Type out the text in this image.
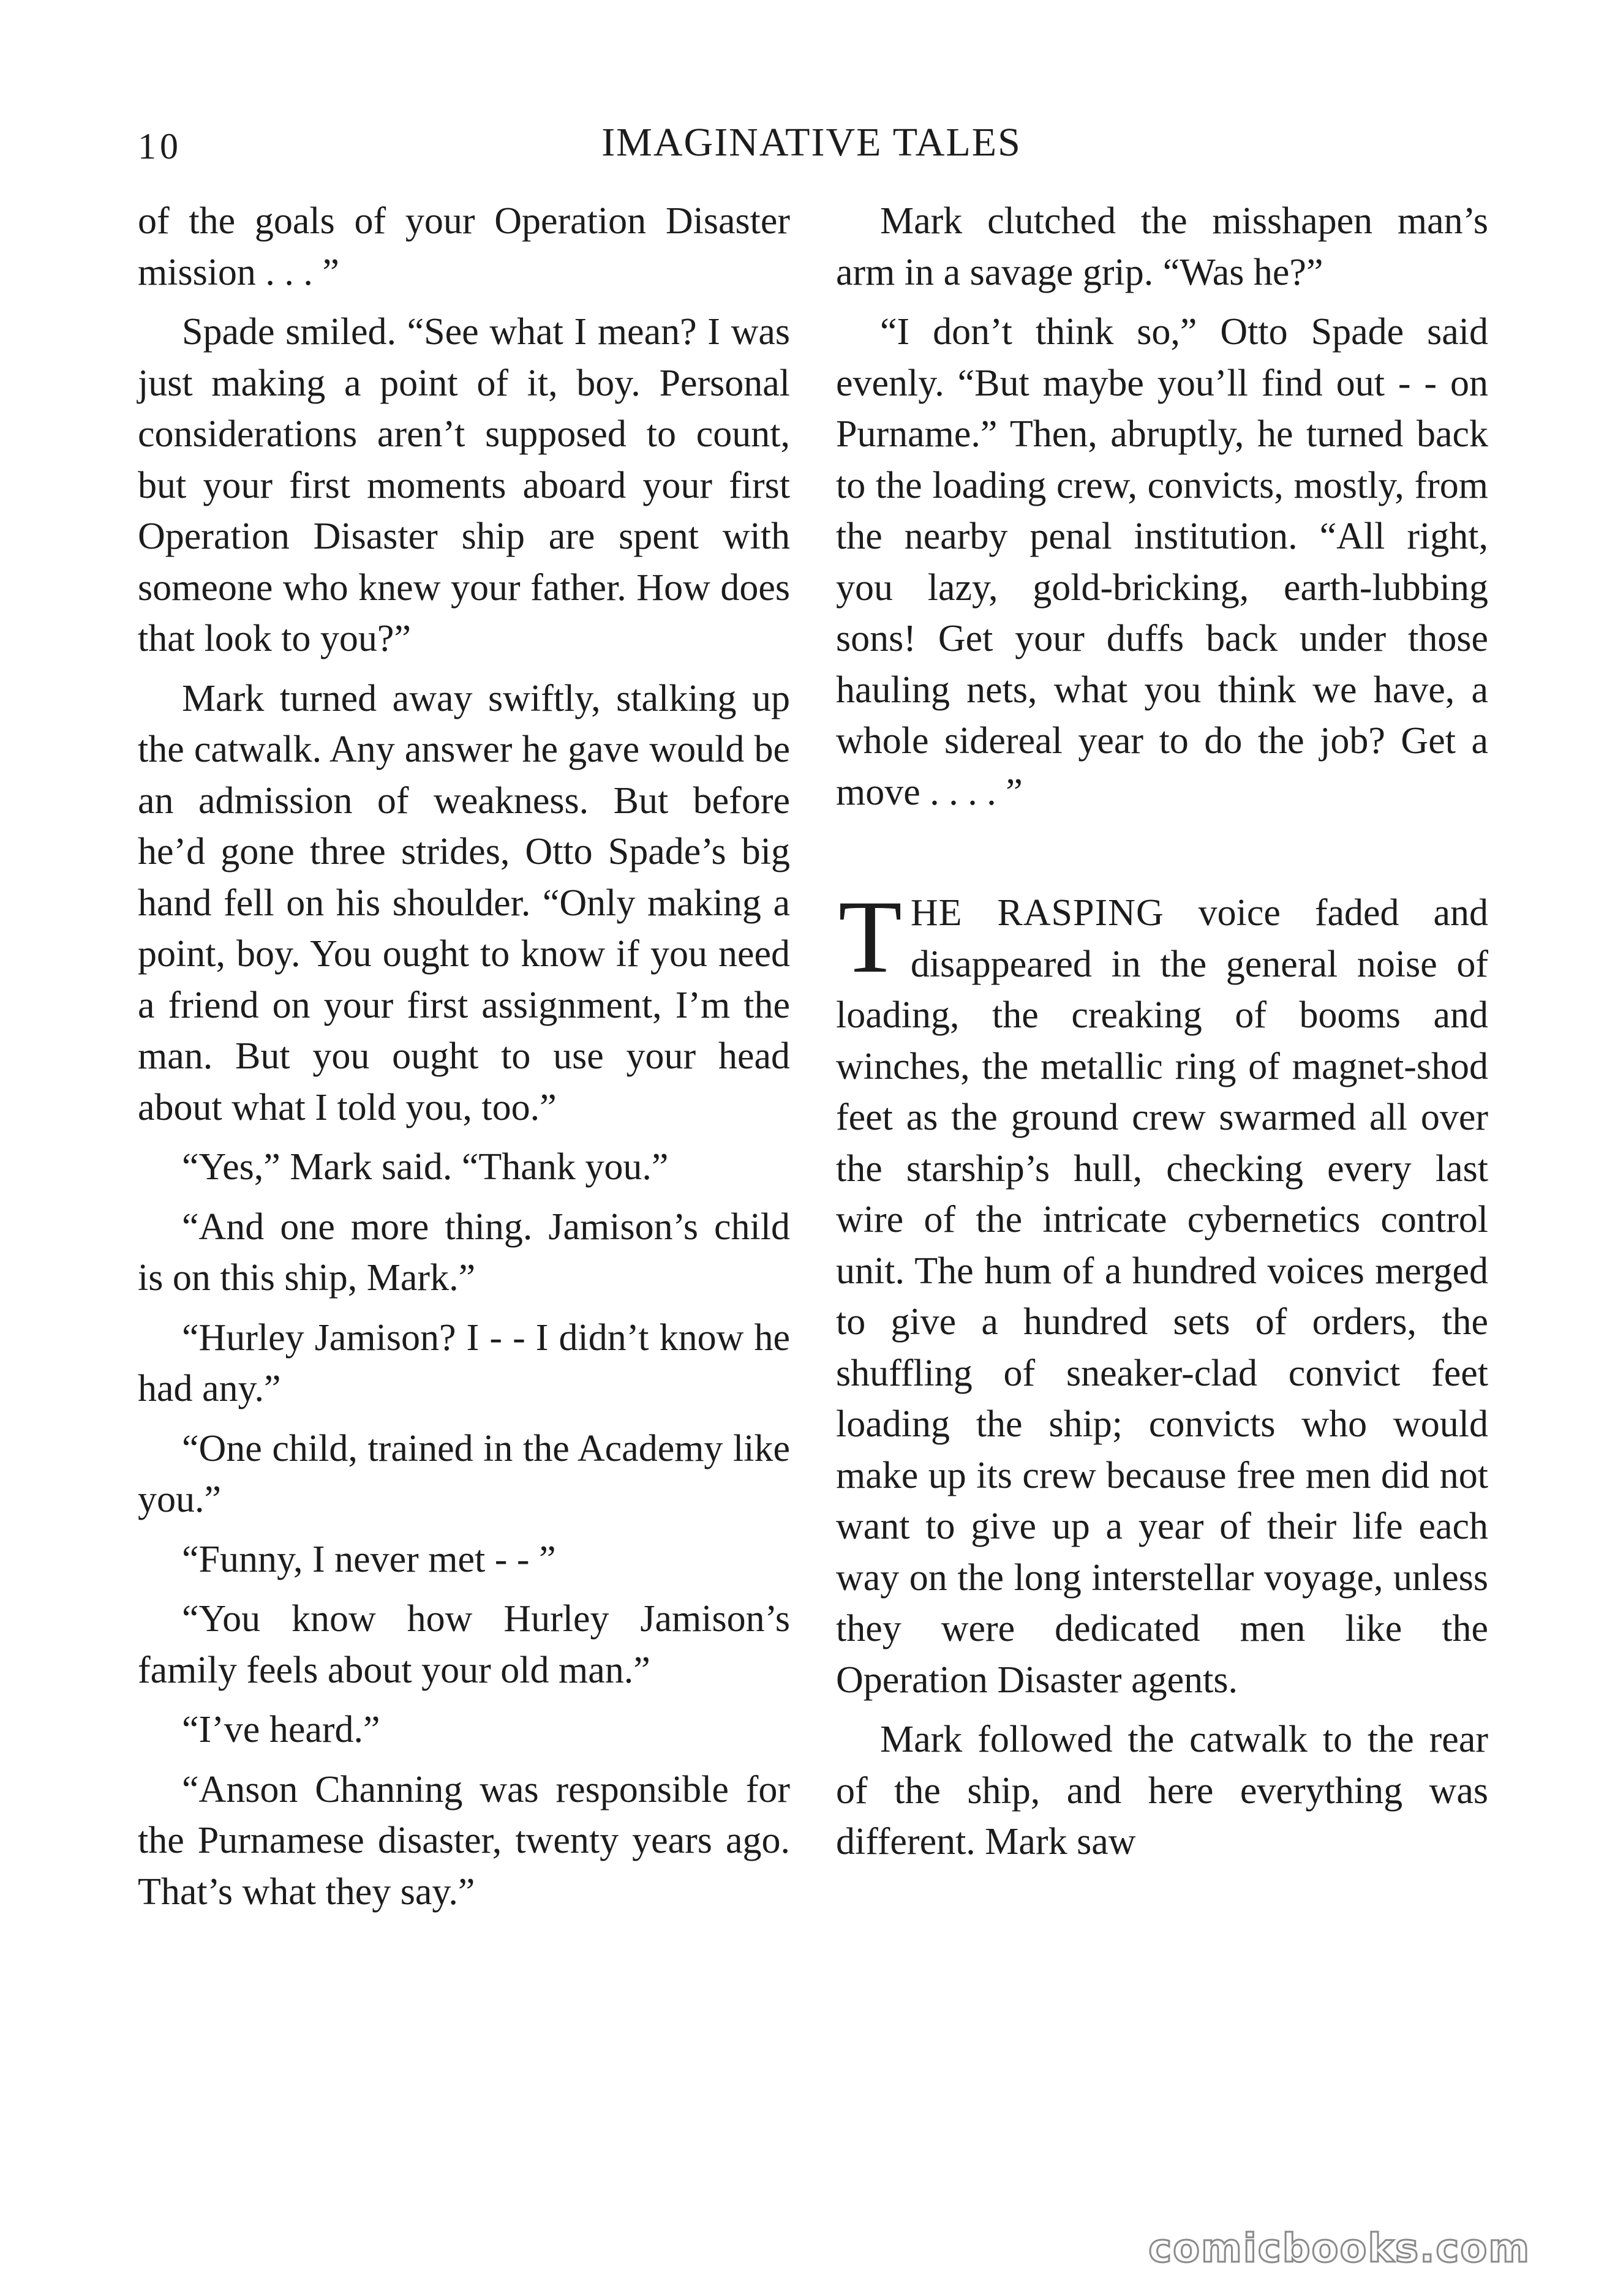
10	IMAGINATIVE TALES

of the goals of your Operation Disaster mission . . . ”

Spade smiled. “See what I mean? I was just making a point of it, boy. Personal considerations aren’t supposed to count, but your first moments aboard your first Operation Disaster ship are spent with someone who knew your father. How does that look to you?”

Mark turned away swiftly, stalking up the catwalk. Any answer he gave would be an admission of weakness. But before he’d gone three strides, Otto Spade’s big hand fell on his shoulder. “Only making a point, boy. You ought to know if you need a friend on your first assignment, I’m the man. But you ought to use your head about what I told you, too.”

“Yes,” Mark said. “Thank you.”

“And one more thing. Jamison’s child is on this ship, Mark.”

“Hurley Jamison? I - - I didn’t know he had any.”

“One child, trained in the Academy like you.”

“Funny, I never met - - ”

“You know how Hurley Jamison’s family feels about your old man.”

“I’ve heard.”

“Anson Channing was responsible for the Purnamese disaster, twenty years ago. That’s what they say.”

Mark clutched the misshapen man’s arm in a savage grip. “Was he?”

“I don’t think so,” Otto Spade said evenly. “But maybe you’ll find out - - on Purname.” Then, abruptly, he turned back to the loading crew, convicts, mostly, from the nearby penal institution. “All right, you lazy, gold-bricking, earth-lubbing sons! Get your duffs back under those hauling nets, what you think we have, a whole sidereal year to do the job? Get a move . . . . ”

THE RASPING voice faded and disappeared in the general noise of loading, the creaking of booms and winches, the metallic ring of magnet-shod feet as the ground crew swarmed all over the starship’s hull, checking every last wire of the intricate cybernetics control unit. The hum of a hundred voices merged to give a hundred sets of orders, the shuffling of sneaker-clad convict feet loading the ship; convicts who would make up its crew because free men did not want to give up a year of their life each way on the long interstellar voyage, unless they were dedicated men like the Operation Disaster agents.

Mark followed the catwalk to the rear of the ship, and here everything was different. Mark saw

comicbooks.com
